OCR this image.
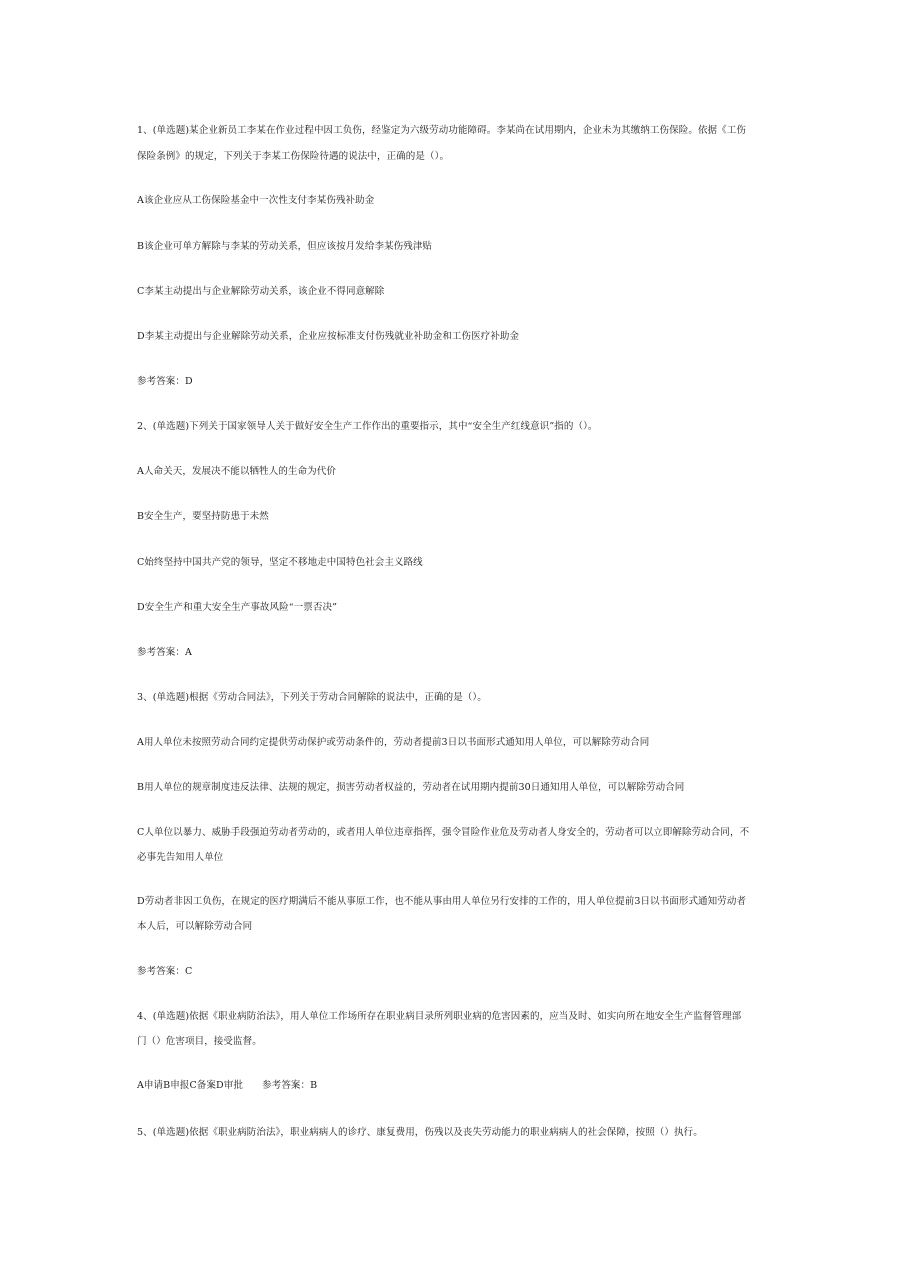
1、(单选题)某企业新员工李某在作业过程中因工负伤，经鉴定为六级劳动功能障碍。李某尚在试用期内，企业未为其缴纳工伤保险。依据《工伤
保险条例》的规定，下列关于李某工伤保险待遇的说法中，正确的是（）。
A该企业应从工伤保险基金中一次性支付李某伤残补助金
B该企业可单方解除与李某的劳动关系，但应该按月发给李某伤残津贴
C李某主动提出与企业解除劳动关系，该企业不得同意解除
D李某主动提出与企业解除劳动关系，企业应按标准支付伤残就业补助金和工伤医疗补助金
参考答案：D
2、(单选题)下列关于国家领导人关于做好安全生产工作作出的重要指示，其中“安全生产红线意识”指的（）。
A人命关天，发展决不能以牺牲人的生命为代价
B安全生产，要坚持防患于未然
C始终坚持中国共产党的领导，坚定不移地走中国特色社会主义路线
D安全生产和重大安全生产事故风险“一票否决”
参考答案：A
3、(单选题)根据《劳动合同法》，下列关于劳动合同解除的说法中，正确的是（）。
A用人单位未按照劳动合同约定提供劳动保护或劳动条件的，劳动者提前3日以书面形式通知用人单位，可以解除劳动合同
B用人单位的规章制度违反法律、法规的规定，损害劳动者权益的，劳动者在试用期内提前30日通知用人单位，可以解除劳动合同
C人单位以暴力、威胁手段强迫劳动者劳动的，或者用人单位违章指挥，强令冒险作业危及劳动者人身安全的，劳动者可以立即解除劳动合同，不
必事先告知用人单位
D劳动者非因工负伤，在规定的医疗期满后不能从事原工作，也不能从事由用人单位另行安排的工作的，用人单位提前3日以书面形式通知劳动者
本人后，可以解除劳动合同
参考答案：C
4、(单选题)依据《职业病防治法》，用人单位工作场所存在职业病目录所列职业病的危害因素的，应当及时、如实向所在地安全生产监督管理部
门（）危害项目，接受监督。
A申请B申报C备案D审批　　参考答案：B
5、(单选题)依据《职业病防治法》，职业病病人的诊疗、康复费用，伤残以及丧失劳动能力的职业病病人的社会保障，按照（）执行。
